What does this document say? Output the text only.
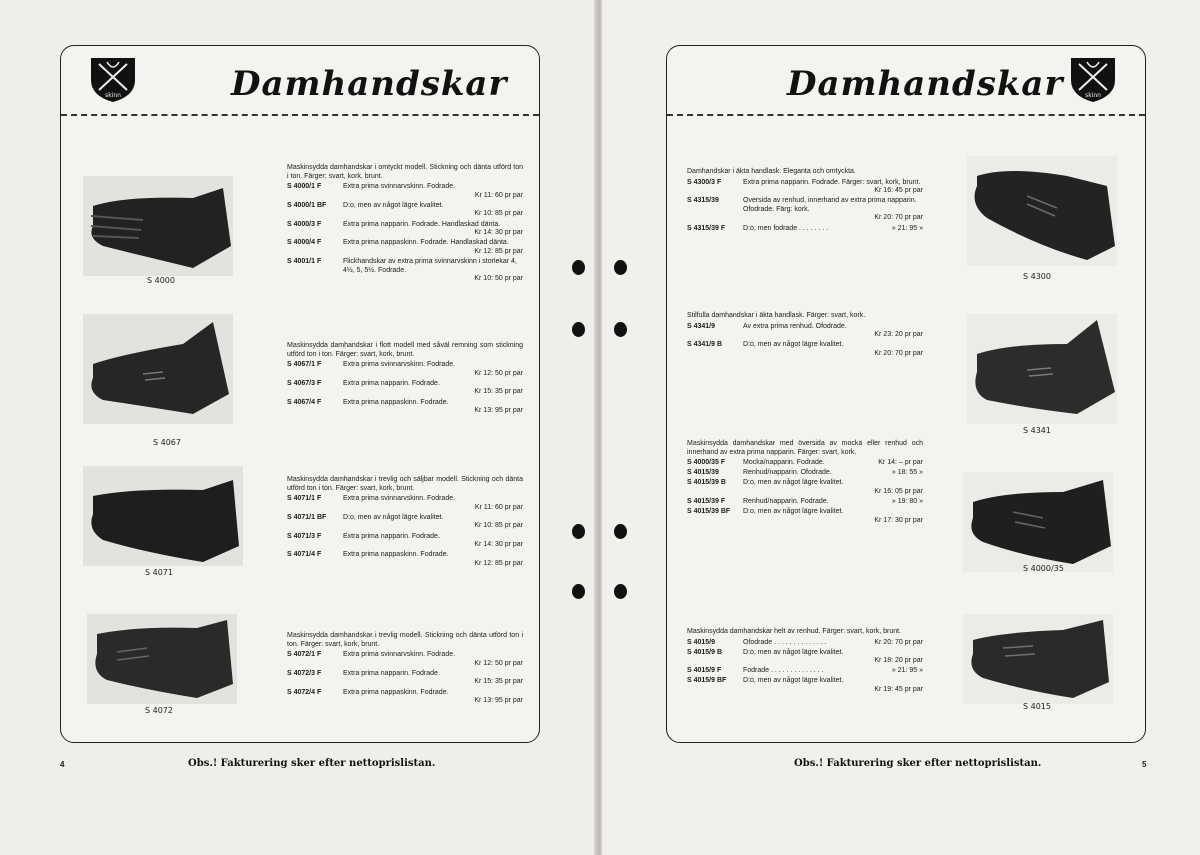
skinn	Damhandskar
S 4000
S 4067
S 4071
S 4072
Maskinsydda damhandskar i omtyckt modell. Stickning och dänta utförd ton i ton. Färger: svart, kork, brunt.
S 4000/1 F	Extra prima svinnarvskinn. Fodrade.
Kr 11: 60 pr par
S 4000/1 BF	D:o, men av något lägre kvalitet.
Kr 10: 85 pr par
S 4000/3 F	Extra prima napparin. Fodrade. Handlaskad dänta.
Kr 14: 30 pr par
S 4000/4 F	Extra prima nappaskinn. Fodrade. Handlaskad dänta.
Kr 12: 85 pr par
S 4001/1 F	Flickhandskar av extra prima svinnarvskinn i storlekar 4, 4½, 5, 5½. Fodrade.
Kr 10: 50 pr par
Maskinsydda damhandskar i flott modell med såväl remning som stickning utförd ton i ton. Färger: svart, kork, brunt.
S 4067/1 F	Extra prima svinnarvskinn. Fodrade.
Kr 12: 50 pr par
S 4067/3 F	Extra prima napparin. Fodrade.
Kr 15: 35 pr par
S 4067/4 F	Extra prima nappaskinn. Fodrade.
Kr 13: 95 pr par
Maskinsydda damhandskar i trevlig och säljbar modell. Stickning och dänta utförd ton i ton. Färger: svart, kork, brunt.
S 4071/1 F	Extra prima svinnarvskinn. Fodrade.
Kr 11: 60 pr par
S 4071/1 BF	D:o, men av något lägre kvalitet.
Kr 10: 85 pr par
S 4071/3 F	Extra prima napparin. Fodrade.
Kr 14: 30 pr par
S 4071/4 F	Extra prima nappaskinn. Fodrade.
Kr 12: 85 pr par
Maskinsydda damhandskar i trevlig modell. Stickning och dänta utförd ton i ton. Färger: svart, kork, brunt.
S 4072/1 F	Extra prima svinnarvskinn. Fodrade.
Kr 12: 50 pr par
S 4072/3 F	Extra prima napparin. Fodrade.
Kr 15: 35 pr par
S 4072/4 F	Extra prima nappaskinn. Fodrade.
Kr 13: 95 pr par
4	Obs.! Fakturering sker efter nettoprislistan.
Damhandskar	skinn
Damhandskar i äkta handlask. Eleganta och omtyckta.
S 4300/3 F	Extra prima napparin. Fodrade. Färger: svart, kork, brunt.
Kr 16: 45 pr par
S 4315/39	Oversida av renhud, innerhand av extra prima napparin. Ofodrade. Färg: kork.
Kr 20: 70 pr par
S 4315/39 F	D:o, men fodrade . . . . . . . .	» 21: 95 »
Stilfulla damhandskar i äkta handlask. Färger: svart, kork.
S 4341/9	Av extra prima renhud. Ofodrade.
Kr 23: 20 pr par
S 4341/9 B	D:o, men av något lägre kvalitet.
Kr 20: 70 pr par
Maskinsydda damhandskar med översida av mocka eller renhud och innerhand av extra prima napparin. Färger: svart, kork.
S 4000/35 F	Mocka/napparin. Fodrade.	Kr 14: – pr par
S 4015/39	Renhud/napparin. Ofodrade.	» 18: 55 »
S 4015/39 B	D:o, men av något lägre kvalitet.
Kr 16: 05 pr par
S 4015/39 F	Renhud/napparin. Fodrade.	» 19: 80 »
S 4015/39 BF	D:o, men av något lägre kvalitet.
Kr 17: 30 pr par
Maskinsydda damhandskar helt av renhud. Färger: svart, kork, brunt.
S 4015/9	Ofodrade . . . . . . . . . . . . . .	Kr 20: 70 pr par
S 4015/9 B	D:o, men av något lägre kvalitet.
Kr 18: 20 pr par
S 4015/9 F	Fodrade . . . . . . . . . . . . . .	» 21: 95 »
S 4015/9 BF	D:o, men av något lägre kvalitet.
Kr 19: 45 pr par
S 4300
S 4341
S 4000/35
S 4015
5
Obs.! Fakturering sker efter nettoprislistan.
